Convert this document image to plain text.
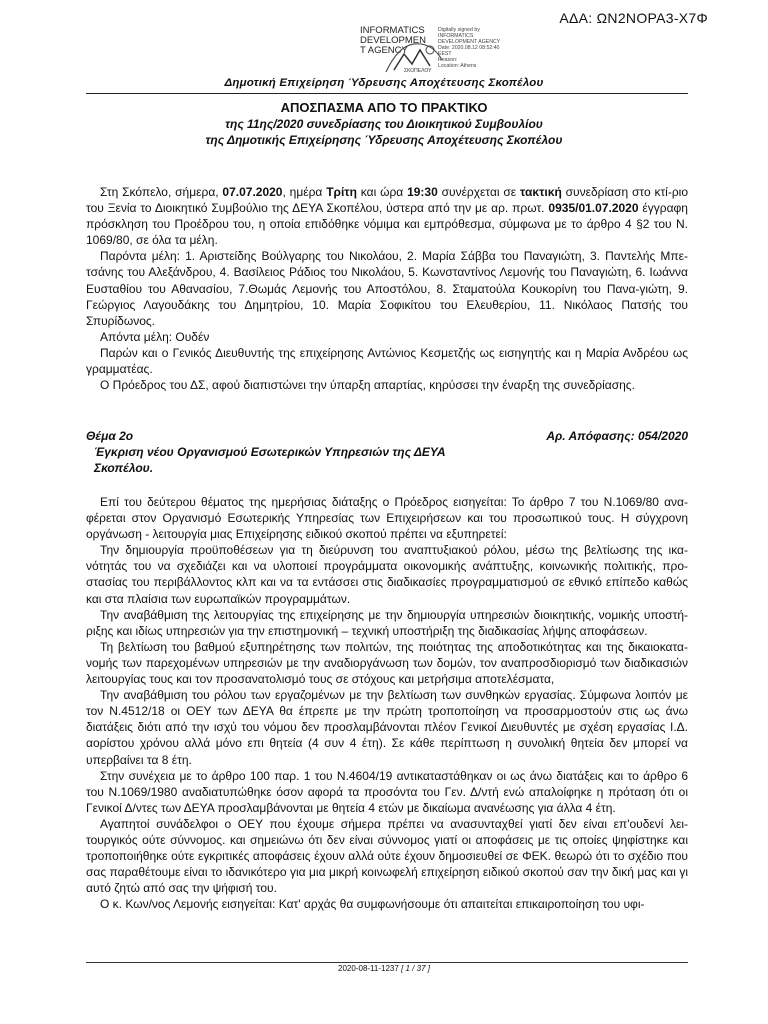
ΑΔΑ: ΩΝ2ΝΟΡΑ3-Χ7Φ
INFORMATICS
DEVELOPMEN
T AGENCY
ΣΚΟΠΕΛΟΥ
Digitally signed by
INFORMATICS
DEVELOPMENT AGENCY
Date: 2020.08.12 08:52:40
EEST
Reason:
Location: Athens
Δημοτική Επιχείρηση Ύδρευσης Αποχέτευσης Σκοπέλου
ΑΠΟΣΠΑΣΜΑ ΑΠΟ ΤΟ ΠΡΑΚΤΙΚΟ
της 11ης/2020 συνεδρίασης του Διοικητικού Συμβουλίου
της Δημοτικής Επιχείρησης Ύδρευσης Αποχέτευσης Σκοπέλου

Στη Σκόπελο, σήμερα, 07.07.2020, ημέρα Τρίτη και ώρα 19:30 συνέρχεται σε τακτική συνεδρίαση στο κτί-ριο του Ξενία το Διοικητικό Συμβούλιο της ΔΕΥΑ Σκοπέλου, ύστερα από την με αρ. πρωτ. 0935/01.07.2020 έγγραφη πρόσκληση του Προέδρου του, η οποία επιδόθηκε νόμιμα και εμπρόθεσμα, σύμφωνα με το άρθρο 4 §2 του Ν. 1069/80, σε όλα τα μέλη.

Παρόντα μέλη: 1. Αριστείδης Βούλγαρης του Νικολάου, 2. Μαρία Σάββα του Παναγιώτη, 3. Παντελής Μπε-τσάνης του Αλεξάνδρου, 4. Βασίλειος Ράδιος του Νικολάου, 5. Κωνσταντίνος Λεμονής του Παναγιώτη, 6. Ιωάννα Ευσταθίου του Αθανασίου, 7.Θωμάς Λεμονής του Αποστόλου, 8. Σταματούλα Κουκορίνη του Πανα-γιώτη, 9. Γεώργιος Λαγουδάκης του Δημητρίου, 10. Μαρία Σοφικίτου του Ελευθερίου, 11. Νικόλαος Πατσής του Σπυρίδωνος.

Απόντα μέλη: Ουδέν

Παρών και ο Γενικός Διευθυντής της επιχείρησης Αντώνιος Κεσμετζής ως εισηγητής και η Μαρία Ανδρέου ως γραμματέας.

Ο Πρόεδρος του ΔΣ, αφού διαπιστώνει την ύπαρξη απαρτίας, κηρύσσει την έναρξη της συνεδρίασης.

Θέμα 2ο	Αρ. Απόφασης: 054/2020
Έγκριση νέου Οργανισμού Εσωτερικών Υπηρεσιών της ΔΕΥΑ Σκοπέλου.

Επί του δεύτερου θέματος της ημερήσιας διάταξης ο Πρόεδρος εισηγείται: Το άρθρο 7 του Ν.1069/80 ανα-φέρεται στον Οργανισμό Εσωτερικής Υπηρεσίας των Επιχειρήσεων και του προσωπικού τους. Η σύγχρονη οργάνωση - λειτουργία μιας Επιχείρησης ειδικού σκοπού πρέπει να εξυπηρετεί:

Την δημιουργία προϋποθέσεων για τη διεύρυνση του αναπτυξιακού ρόλου, μέσω της βελτίωσης της ικα-νότητάς του να σχεδιάζει και να υλοποιεί προγράμματα οικονομικής ανάπτυξης, κοινωνικής πολιτικής, προ-στασίας του περιβάλλοντος κλπ και να τα εντάσσει στις διαδικασίες προγραμματισμού σε εθνικό επίπεδο καθώς και στα πλαίσια των ευρωπαϊκών προγραμμάτων.

Την αναβάθμιση της λειτουργίας της επιχείρησης με την δημιουργία υπηρεσιών διοικητικής, νομικής υποστή-ριξης και ιδίως υπηρεσιών για την επιστημονική – τεχνική υποστήριξη της διαδικασίας λήψης αποφάσεων.

Τη βελτίωση του βαθμού εξυπηρέτησης των πολιτών, της ποιότητας της αποδοτικότητας και της δικαιοκατα-νομής των παρεχομένων υπηρεσιών με την αναδιοργάνωση των δομών, τον αναπροσδιορισμό των διαδικασιών λειτουργίας τους και τον προσανατολισμό τους σε στόχους και μετρήσιμα αποτελέσματα,

Την αναβάθμιση του ρόλου των εργαζομένων με την βελτίωση των συνθηκών εργασίας. Σύμφωνα λοιπόν με τον Ν.4512/18 οι ΟΕΥ των ΔΕΥΑ θα έπρεπε με την πρώτη τροποποίηση να προσαρμοστούν στις ως άνω διατάξεις διότι από την ισχύ του νόμου δεν προσλαμβάνονται πλέον Γενικοί Διευθυντές με σχέση εργασίας Ι.Δ. αορίστου χρόνου αλλά μόνο επι θητεία (4 συν 4 έτη). Σε κάθε περίπτωση η συνολική θητεία δεν μπορεί να υπερβαίνει τα 8 έτη.

Στην συνέχεια με το άρθρο 100 παρ. 1 του Ν.4604/19 αντικαταστάθηκαν οι ως άνω διατάξεις και το άρθρο 6 του Ν.1069/1980 αναδιατυπώθηκε όσον αφορά τα προσόντα του Γεν. Δ/ντή ενώ απαλοίφηκε η πρόταση ότι οι Γενικοί Δ/ντες των ΔΕΥΑ προσλαμβάνονται με θητεία 4 ετών με δικαίωμα ανανέωσης για άλλα 4 έτη.

Αγαπητοί συνάδελφοι ο ΟΕΥ που έχουμε σήμερα πρέπει να ανασυνταχθεί γιατί δεν είναι επ'ουδενί λει-τουργικός ούτε σύννομος. και σημειώνω ότι δεν είναι σύννομος γιατί οι αποφάσεις με τις οποίες ψηφίστηκε και τροποποιήθηκε ούτε εγκριτικές αποφάσεις έχουν αλλά ούτε έχουν δημοσιευθεί σε ΦΕΚ. θεωρώ ότι το σχέδιο που σας παραθέτουμε είναι το ιδανικότερο για μια μικρή κοινωφελή επιχείρηση ειδικού σκοπού σαν την δική μας και γι αυτό ζητώ από σας την ψήφισή του.

Ο κ. Κων/νος Λεμονής εισηγείται: Κατ' αρχάς θα συμφωνήσουμε ότι απαιτείται επικαιροποίηση του υφι-

2020-08-11-1237 [ 1 / 37 ]
